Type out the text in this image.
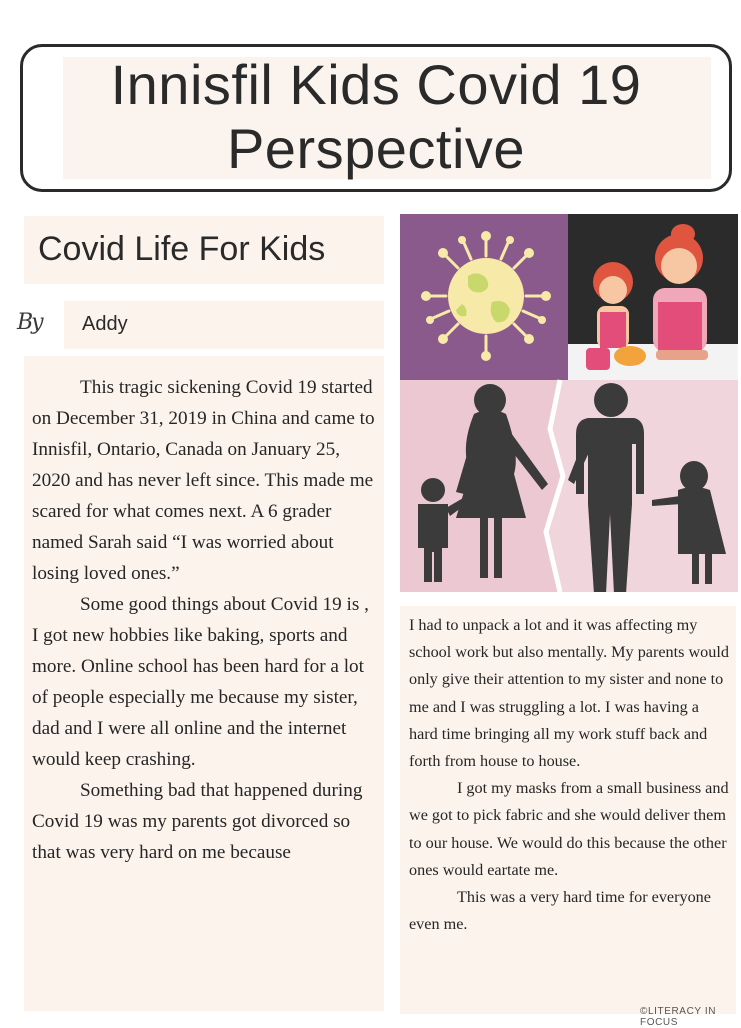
Innisfil Kids Covid 19
Perspective
Covid Life For Kids
By Addy

This tragic sickening Covid 19 started on December 31, 2019 in China and came to Innisfil, Ontario, Canada on January 25, 2020 and has never left since. This made me scared for what comes next. A 6 grader named Sarah said “I was worried about losing loved ones.”

Some good things about Covid 19 is , I got new hobbies like baking, sports and more. Online school has been hard for a lot of people especially me because my sister, dad and I were all online and the internet would keep crashing.

Something bad that happened during Covid 19 was my parents got divorced so that was very hard on me because

I had to unpack a lot and it was affecting my school work but also mentally. My parents would only give their attention to my sister and none to me and I was struggling a lot. I was having a hard time bringing all my work stuff back and forth from house to house.

I got my masks from a small business and we got to pick fabric and she would deliver them to our house. We would do this because the other ones would eartate me.

This was a very hard time for everyone even me.

©LITERACY IN FOCUS
